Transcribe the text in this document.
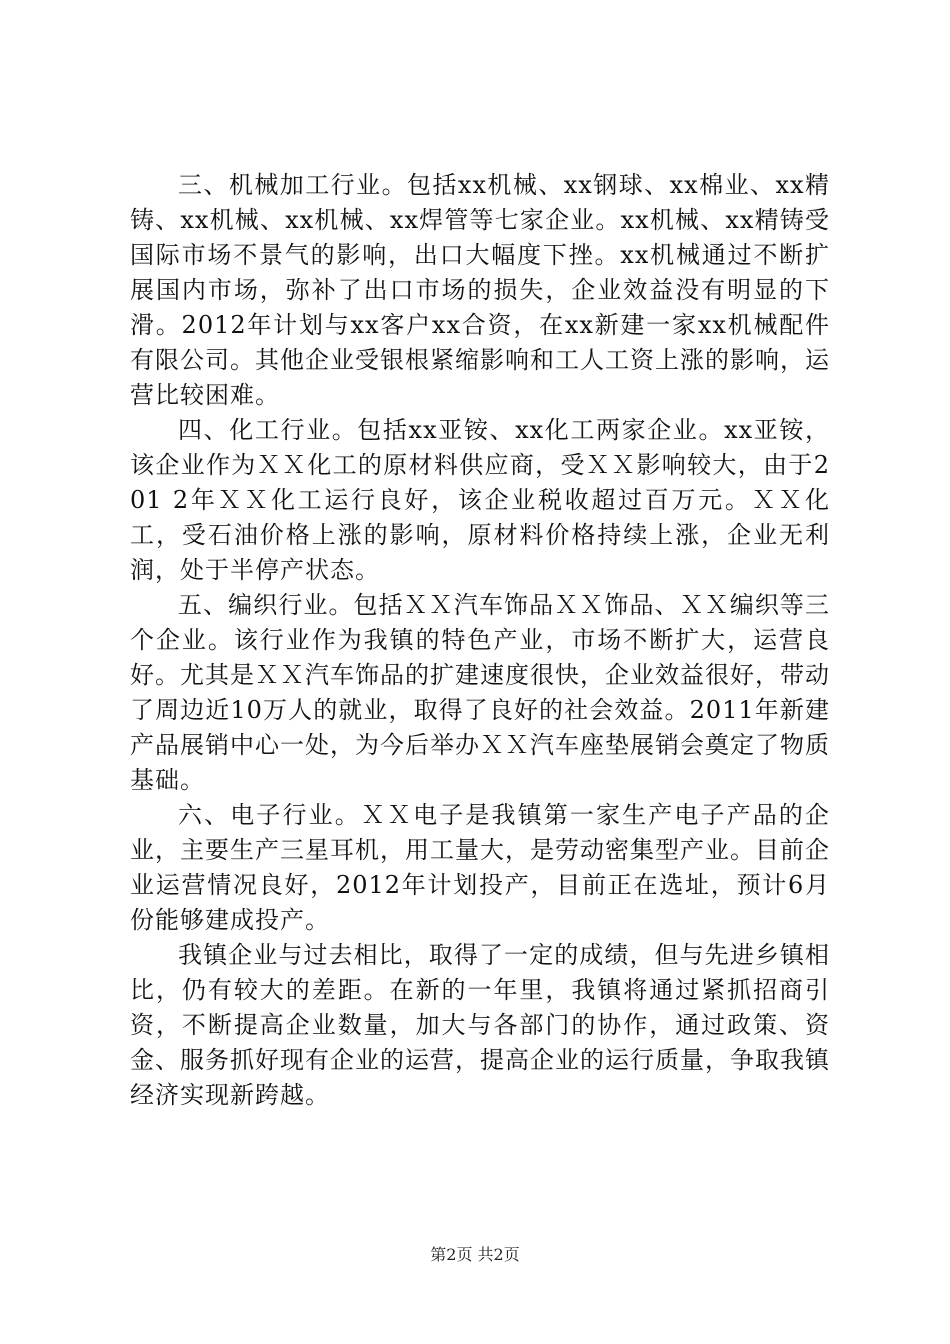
三、机械加工行业。包括xx机械、xx钢球、xx棉业、xx精铸、xx机械、xx机械、xx焊管等七家企业。xx机械、xx精铸受国际市场不景气的影响，出口大幅度下挫。xx机械通过不断扩展国内市场，弥补了出口市场的损失，企业效益没有明显的下滑。2012年计划与xx客户xx合资，在xx新建一家xx机械配件有限公司。其他企业受银根紧缩影响和工人工资上涨的影响，运营比较困难。

四、化工行业。包括xx亚铵、xx化工两家企业。xx亚铵，该企业作为ＸＸ化工的原材料供应商，受ＸＸ影响较大，由于201 2年ＸＸ化工运行良好，该企业税收超过百万元。ＸＸ化工，受石油价格上涨的影响，原材料价格持续上涨，企业无利润，处于半停产状态。

五、编织行业。包括ＸＸ汽车饰品ＸＸ饰品、ＸＸ编织等三个企业。该行业作为我镇的特色产业，市场不断扩大，运营良好。尤其是ＸＸ汽车饰品的扩建速度很快，企业效益很好，带动了周边近10万人的就业，取得了良好的社会效益。2011年新建产品展销中心一处，为今后举办ＸＸ汽车座垫展销会奠定了物质基础。

六、电子行业。ＸＸ电子是我镇第一家生产电子产品的企业，主要生产三星耳机，用工量大，是劳动密集型产业。目前企业运营情况良好，2012年计划投产，目前正在选址，预计6月份能够建成投产。

我镇企业与过去相比，取得了一定的成绩，但与先进乡镇相比，仍有较大的差距。在新的一年里，我镇将通过紧抓招商引资，不断提高企业数量，加大与各部门的协作，通过政策、资金、服务抓好现有企业的运营，提高企业的运行质量，争取我镇经济实现新跨越。

第2页 共2页
